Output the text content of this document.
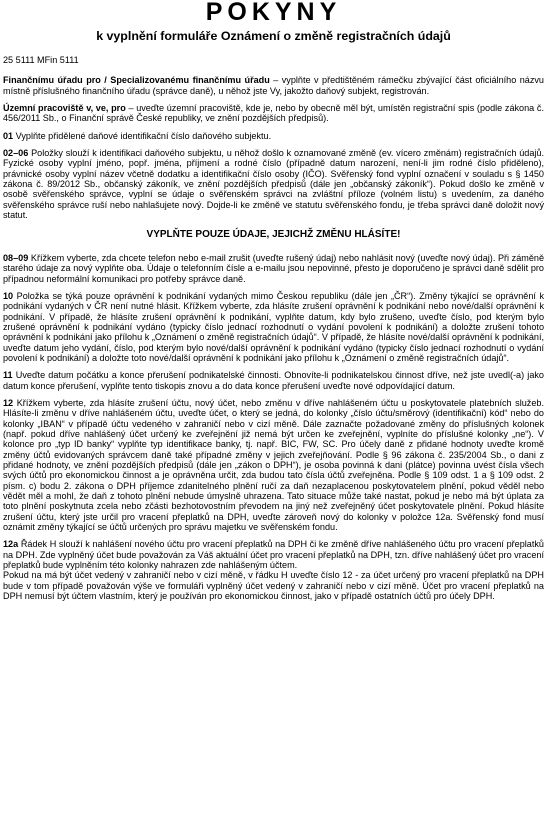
POKYNY
k vyplnění formuláře Oznámení o změně registračních údajů
25 5111 MFin 5111

Finančnímu úřadu pro / Specializovanému finančnímu úřadu – vyplňte v předtištěném rámečku zbývající část oficiálního názvu místně příslušného finančního úřadu (správce daně), u něhož jste Vy, jakožto daňový subjekt, registrován.

Územní pracoviště v, ve, pro – uveďte územní pracoviště, kde je, nebo by obecně měl být, umístěn registrační spis (podle zákona č. 456/2011 Sb., o Finanční správě České republiky, ve znění pozdějších předpisů).

01 Vyplňte přidělené daňové identifikační číslo daňového subjektu.

02–06 Položky slouží k identifikaci daňového subjektu, u něhož došlo k oznamované změně (ev. vícero změnám) registračních údajů. Fyzické osoby vyplní jméno, popř. jména, příjmení a rodné číslo (případně datum narození, není-li jim rodné číslo přiděleno), právnické osoby vyplní název včetně dodatku a identifikační číslo osoby (IČO). Svěřenský fond vyplní označení v souladu s § 1450 zákona č. 89/2012 Sb., občanský zákoník, ve znění pozdějších předpisů (dále jen „občanský zákoník“). Pokud došlo ke změně v osobě svěřenského správce, vyplní se údaje o svěřenském správci na zvláštní příloze (volném listu) s uvedením, za daného svěřenského správce ruší nebo nahlašujete nový. Dojde-li ke změně ve statutu svěřenského fondu, je třeba správci daně doložit nový statut.

VYPLŇTE POUZE ÚDAJE, JEJICHŽ ZMĚNU HLÁSÍTE!

08–09 Křížkem vyberte, zda chcete telefon nebo e-mail zrušit (uveďte rušený údaj) nebo nahlásit nový (uveďte nový údaj). Při záměně starého údaje za nový vyplňte oba. Údaje o telefonním čísle a e-mailu jsou nepovinné, přesto je doporučeno je správci daně sdělit pro případnou neformální komunikaci pro potřeby správce daně.

10 Položka se týká pouze oprávnění k podnikání vydaných mimo Českou republiku (dále jen „ČR“). Změny týkající se oprávnění k podnikání vydaných v ČR není nutné hlásit. Křížkem vyberte, zda hlásíte zrušení oprávnění k podnikání nebo nové/další oprávnění k podnikání. V případě, že hlásíte zrušení oprávnění k podnikání, vyplňte datum, kdy bylo zrušeno, uveďte číslo, pod kterým bylo zrušené oprávnění k podnikání vydáno (typicky číslo jednací rozhodnutí o vydání povolení k podnikání) a doložte zrušení tohoto oprávnění k podnikání jako přílohu k „Oznámení o změně registračních údajů“. V případě, že hlásíte nové/další oprávnění k podnikání, uveďte datum jeho vydání, číslo, pod kterým bylo nové/další oprávnění k podnikání vydáno (typicky číslo jednací rozhodnutí o vydání povolení k podnikání) a doložte toto nové/další oprávnění k podnikání jako přílohu k „Oznámení o změně registračních údajů“.

11 Uveďte datum počátku a konce přerušení podnikatelské činnosti. Obnovíte-li podnikatelskou činnost dříve, než jste uvedl(-a) jako datum konce přerušení, vyplňte tento tiskopis znovu a do data konce přerušení uveďte nové odpovídající datum.

12 Křížkem vyberte, zda hlásíte zrušení účtu, nový účet, nebo změnu v dříve nahlášeném účtu u poskytovatele platebních služeb. Hlásíte-li změnu v dříve nahlášeném účtu, uveďte účet, o který se jedná, do kolonky „číslo účtu/směrový (identifikační) kód“ nebo do kolonky „IBAN“ v případě účtu vedeného v zahraničí nebo v cizí měně. Dále zaznačte požadované změny do příslušných kolonek (např. pokud dříve nahlášený účet určený ke zveřejnění již nemá být určen ke zveřejnění, vyplníte do příslušné kolonky „ne“). V kolonce pro „typ ID banky“ vyplňte typ identifikace banky, tj. např. BIC, FW, SC. Pro účely daně z přidané hodnoty uveďte kromě změny účtů evidovaných správcem daně také případné změny v jejich zveřejňování. Podle § 96 zákona č. 235/2004 Sb., o dani z přidané hodnoty, ve znění pozdějších předpisů (dále jen „zákon o DPH“), je osoba povinná k dani (plátce) povinna uvést čísla všech svých účtů pro ekonomickou činnost a je oprávněna určit, zda budou tato čísla účtů zveřejněna. Podle § 109 odst. 1 a § 109 odst. 2 písm. c) bodu 2. zákona o DPH příjemce zdanitelného plnění ručí za daň nezaplacenou poskytovatelem plnění, pokud věděl nebo vědět měl a mohl, že daň z tohoto plnění nebude úmyslně uhrazena. Tato situace může také nastat, pokud je nebo má být úplata za toto plnění poskytnuta zcela nebo zčásti bezhotovostním převodem na jiný než zveřejněný účet poskytovatele plnění. Pokud hlásíte zrušení účtu, který jste určil pro vracení přeplatků na DPH, uveďte zároveň nový do kolonky v položce 12a. Svěřenský fond musí oznámit změny týkající se účtů určených pro správu majetku ve svěřenském fondu.

12a Řádek H slouží k nahlášení nového účtu pro vracení přeplatků na DPH či ke změně dříve nahlášeného účtu pro vracení přeplatků na DPH. Zde vyplněný účet bude považován za Váš aktuální účet pro vracení přeplatků na DPH, tzn. dříve nahlášený účet pro vracení přeplatků bude vyplněním této kolonky nahrazen zde nahlášeným účtem.

Pokud na má být účet vedený v zahraničí nebo v cizí měně, v řádku H uveďte číslo 12 - za účet určený pro vracení přeplatků na DPH bude v tom případě považován výše ve formuláři vyplněný účet vedený v zahraničí nebo v cizí měně. Účet pro vracení přeplatků na DPH nemusí být účtem vlastním, který je používán pro ekonomickou činnost, jako v případě ostatních účtů pro účely DPH.
